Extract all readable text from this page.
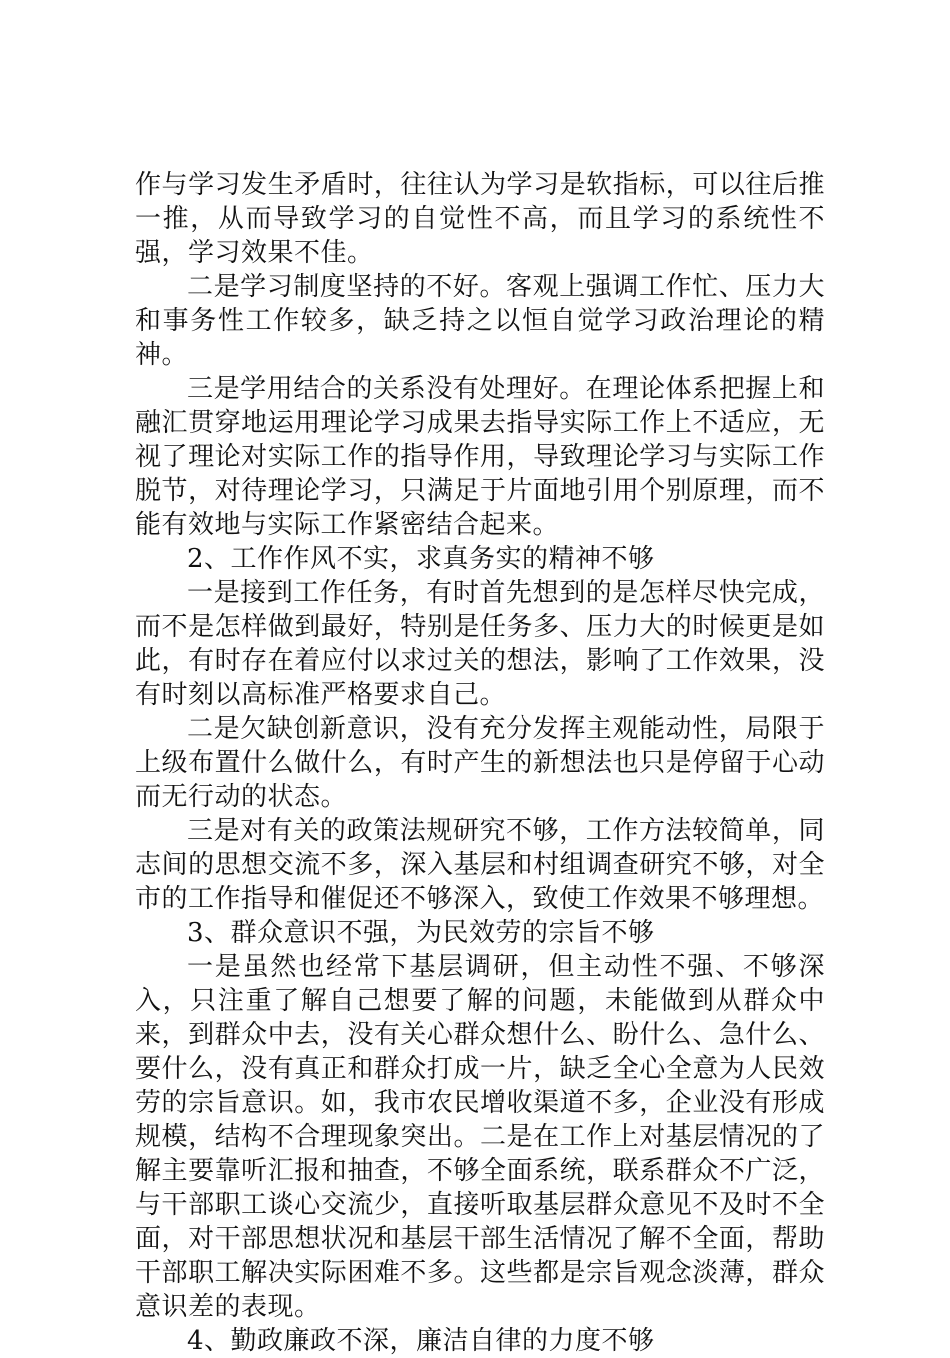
作与学习发生矛盾时，往往认为学习是软指标，可以往后推一推，从而导致学习的自觉性不高，而且学习的系统性不强，学习效果不佳。

二是学习制度坚持的不好。客观上强调工作忙、压力大和事务性工作较多，缺乏持之以恒自觉学习政治理论的精神。

三是学用结合的关系没有处理好。在理论体系把握上和融汇贯穿地运用理论学习成果去指导实际工作上不适应，无视了理论对实际工作的指导作用，导致理论学习与实际工作脱节，对待理论学习，只满足于片面地引用个别原理，而不能有效地与实际工作紧密结合起来。

2、工作作风不实，求真务实的精神不够

一是接到工作任务，有时首先想到的是怎样尽快完成，而不是怎样做到最好，特别是任务多、压力大的时候更是如此，有时存在着应付以求过关的想法，影响了工作效果，没有时刻以高标准严格要求自己。

二是欠缺创新意识，没有充分发挥主观能动性，局限于上级布置什么做什么，有时产生的新想法也只是停留于心动而无行动的状态。

三是对有关的政策法规研究不够，工作方法较简单，同志间的思想交流不多，深入基层和村组调查研究不够，对全市的工作指导和催促还不够深入，致使工作效果不够理想。

3、群众意识不强，为民效劳的宗旨不够

一是虽然也经常下基层调研，但主动性不强、不够深入，只注重了解自己想要了解的问题，未能做到从群众中来，到群众中去，没有关心群众想什么、盼什么、急什么、要什么，没有真正和群众打成一片，缺乏全心全意为人民效劳的宗旨意识。如，我市农民增收渠道不多，企业没有形成规模，结构不合理现象突出。二是在工作上对基层情况的了解主要靠听汇报和抽查，不够全面系统，联系群众不广泛，与干部职工谈心交流少，直接听取基层群众意见不及时不全面，对干部思想状况和基层干部生活情况了解不全面，帮助干部职工解决实际困难不多。这些都是宗旨观念淡薄，群众意识差的表现。

4、勤政廉政不深，廉洁自律的力度不够
